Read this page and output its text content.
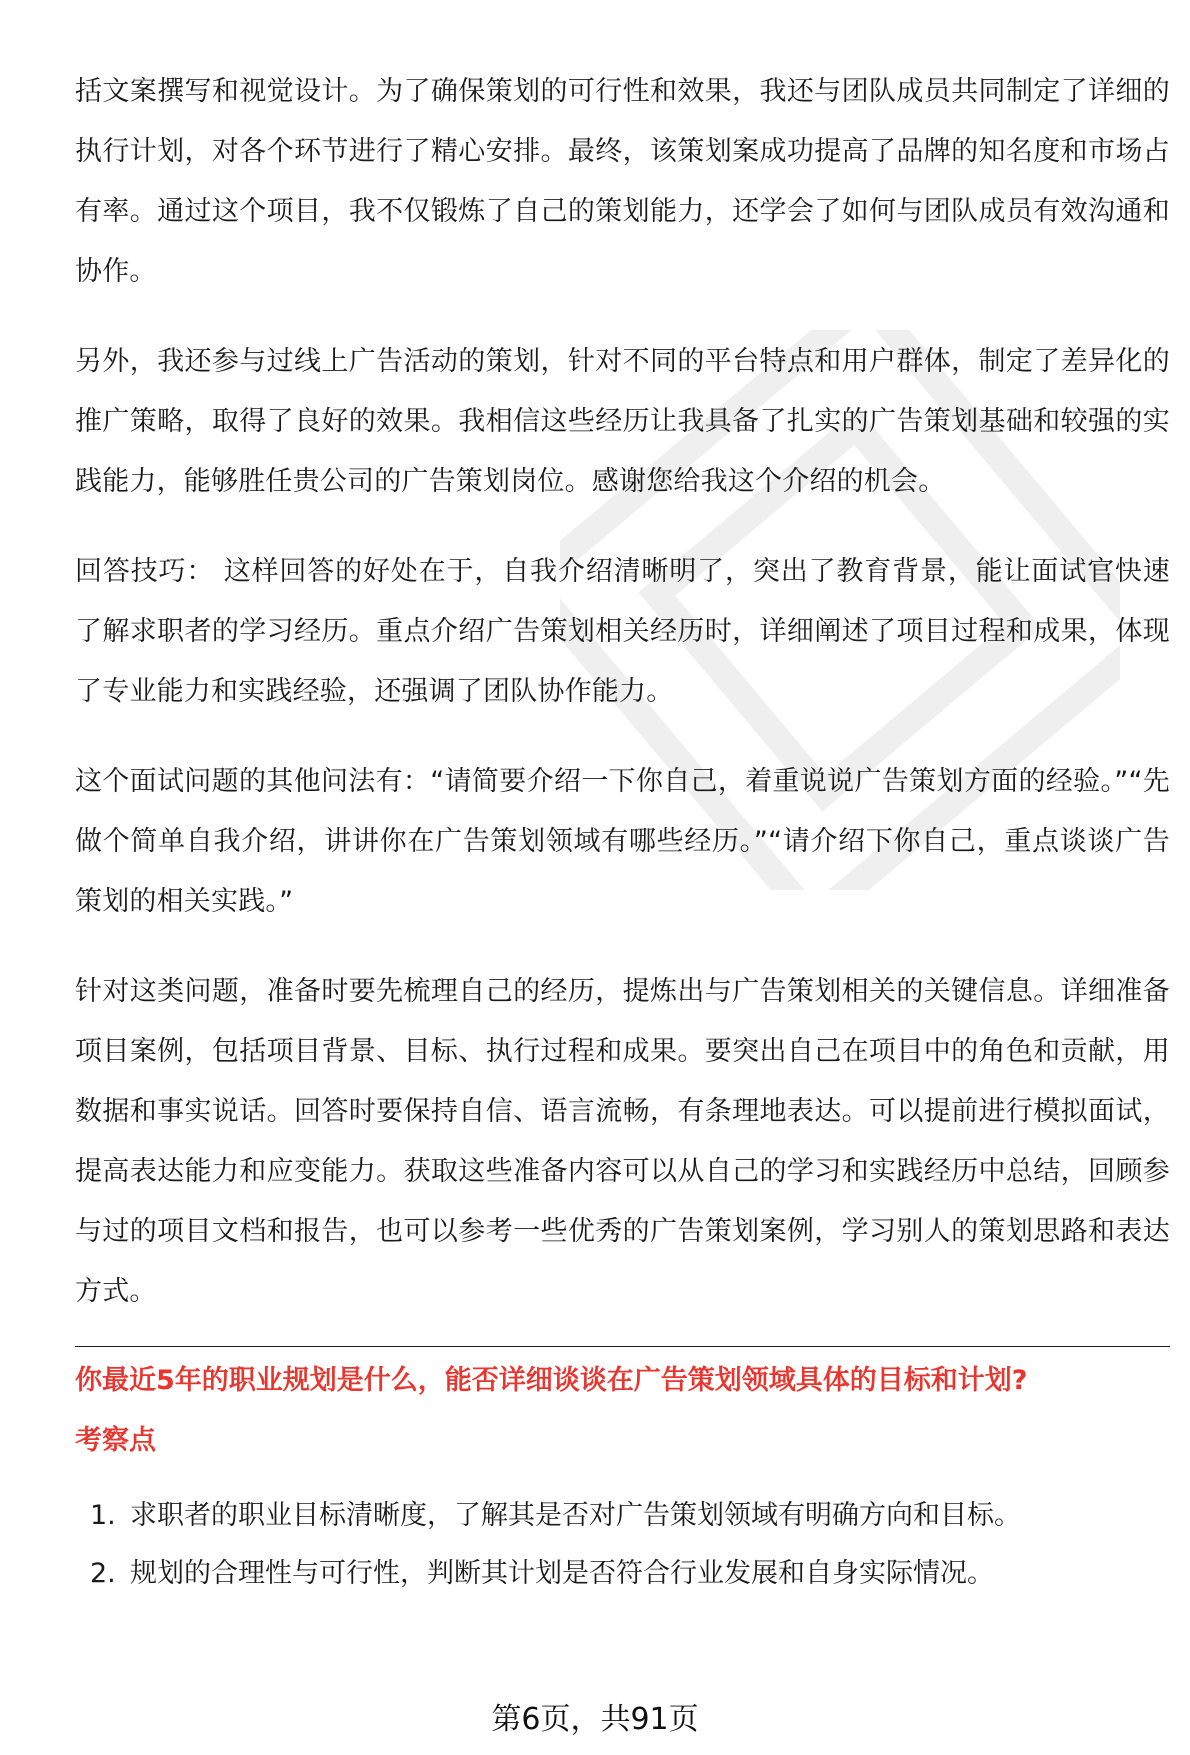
括文案撰写和视觉设计。为了确保策划的可行性和效果，我还与团队成员共同制定了详细的执行计划，对各个环节进行了精心安排。最终，该策划案成功提高了品牌的知名度和市场占有率。通过这个项目，我不仅锻炼了自己的策划能力，还学会了如何与团队成员有效沟通和协作。

另外，我还参与过线上广告活动的策划，针对不同的平台特点和用户群体，制定了差异化的推广策略，取得了良好的效果。我相信这些经历让我具备了扎实的广告策划基础和较强的实践能力，能够胜任贵公司的广告策划岗位。感谢您给我这个介绍的机会。

回答技巧： 这样回答的好处在于，自我介绍清晰明了，突出了教育背景，能让面试官快速了解求职者的学习经历。重点介绍广告策划相关经历时，详细阐述了项目过程和成果，体现了专业能力和实践经验，还强调了团队协作能力。

这个面试问题的其他问法有：“请简要介绍一下你自己，着重说说广告策划方面的经验。”“先做个简单自我介绍，讲讲你在广告策划领域有哪些经历。”“请介绍下你自己，重点谈谈广告策划的相关实践。”

针对这类问题，准备时要先梳理自己的经历，提炼出与广告策划相关的关键信息。详细准备项目案例，包括项目背景、目标、执行过程和成果。要突出自己在项目中的角色和贡献，用数据和事实说话。回答时要保持自信、语言流畅，有条理地表达。可以提前进行模拟面试，提高表达能力和应变能力。获取这些准备内容可以从自己的学习和实践经历中总结，回顾参与过的项目文档和报告，也可以参考一些优秀的广告策划案例，学习别人的策划思路和表达方式。

你最近5年的职业规划是什么，能否详细谈谈在广告策划领域具体的目标和计划?

考察点

1. 求职者的职业目标清晰度，了解其是否对广告策划领域有明确方向和目标。
2. 规划的合理性与可行性，判断其计划是否符合行业发展和自身实际情况。
第6页，共91页
